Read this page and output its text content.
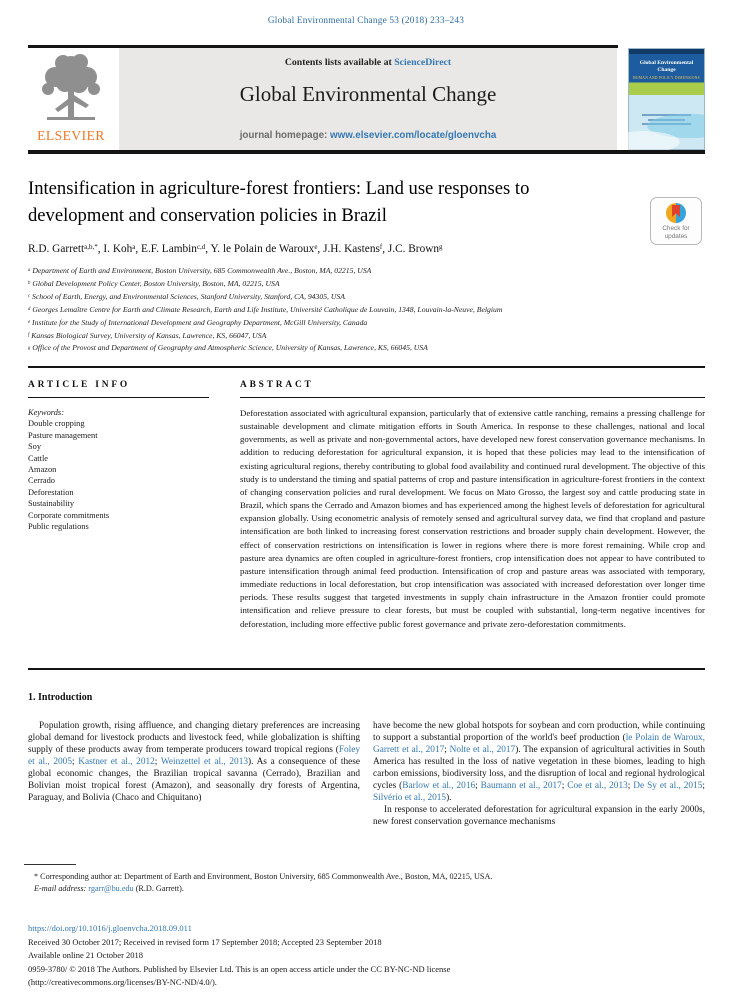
Global Environmental Change 53 (2018) 233–243
ELSEVIER
Contents lists available at ScienceDirect
Global Environmental Change
journal homepage: www.elsevier.com/locate/gloenvcha
Global Environmental Change
HUMAN AND POLICY DIMENSIONS
Intensification in agriculture-forest frontiers: Land use responses to development and conservation policies in Brazil
R.D. Garrett$^{a,b,*}$, I. Koh$^a$, E.F. Lambin$^{c,d}$, Y. le Polain de Waroux$^e$, J.H. Kastens$^f$, J.C. Brown$^g$
$^a$ Department of Earth and Environment, Boston University, 685 Commonwealth Ave., Boston, MA, 02215, USA
$^b$ Global Development Policy Center, Boston University, Boston, MA, 02215, USA
$^c$ School of Earth, Energy, and Environmental Sciences, Stanford University, Stanford, CA, 94305, USA
$^d$ Georges Lemaître Centre for Earth and Climate Research, Earth and Life Institute, Université Catholique de Louvain, 1348, Louvain-la-Neuve, Belgium
$^e$ Institute for the Study of International Development and Geography Department, McGill University, Canada
$^f$ Kansas Biological Survey, University of Kansas, Lawrence, KS, 66047, USA
$^g$ Office of the Provost and Department of Geography and Atmospheric Science, University of Kansas, Lawrence, KS, 66045, USA
Check for
updates
ARTICLE INFO
Keywords:
Double cropping
Pasture management
Soy
Cattle
Amazon
Cerrado
Deforestation
Sustainability
Corporate commitments
Public regulations
ABSTRACT
Deforestation associated with agricultural expansion, particularly that of extensive cattle ranching, remains a pressing challenge for sustainable development and climate mitigation efforts in South America. In response to these challenges, national and local governments, as well as private and non-governmental actors, have developed new forest conservation governance mechanisms. In addition to reducing deforestation for agricultural expansion, it is hoped that these policies may lead to the intensification of existing agricultural regions, thereby contributing to global food availability and continued rural development. The objective of this study is to understand the timing and spatial patterns of crop and pasture intensification in agriculture-forest frontiers in the context of changing conservation policies and rural development. We focus on Mato Grosso, the largest soy and cattle producing state in Brazil, which spans the Cerrado and Amazon biomes and has experienced among the highest levels of deforestation for agricultural expansion globally. Using econometric analysis of remotely sensed and agricultural survey data, we find that cropland and pasture intensification are both linked to increasing forest conservation restrictions and broader supply chain development. However, the effect of conservation restrictions on intensification is lower in regions where there is more forest remaining. While crop and pasture area dynamics are often coupled in agriculture-forest frontiers, crop intensification does not appear to have contributed to pasture intensification through animal feed production. Intensification of crop and pasture areas was associated with temporary, immediate reductions in local deforestation, but crop intensification was associated with increased deforestation over longer time periods. These results suggest that targeted investments in supply chain infrastructure in the Amazon frontier could promote intensification and relieve pressure to clear forests, but must be coupled with substantial, long-term negative incentives for deforestation, including more effective public forest governance and private zero-deforestation commitments.
1. Introduction

Population growth, rising affluence, and changing dietary preferences are increasing global demand for livestock products and livestock feed, while globalization is shifting supply of these products away from temperate producers toward tropical regions (Foley et al., 2005; Kastner et al., 2012; Weinzettel et al., 2013). As a consequence of these global economic changes, the Brazilian tropical savanna (Cerrado), Brazilian and Bolivian moist tropical forest (Amazon), and seasonally dry forests of Argentina, Paraguay, and Bolivia (Chaco and Chiquitano)

have become the new global hotspots for soybean and corn production, while continuing to support a substantial proportion of the world's beef production (le Polain de Waroux, Garrett et al., 2017; Nolte et al., 2017). The expansion of agricultural activities in South America has resulted in the loss of native vegetation in these biomes, leading to high carbon emissions, biodiversity loss, and the disruption of local and regional hydrological cycles (Barlow et al., 2016; Baumann et al., 2017; Coe et al., 2013; De Sy et al., 2015; Silvério et al., 2015).

In response to accelerated deforestation for agricultural expansion in the early 2000s, new forest conservation governance mechanisms

* Corresponding author at: Department of Earth and Environment, Boston University, 685 Commonwealth Ave., Boston, MA, 02215, USA.
E-mail address: rgarr@bu.edu (R.D. Garrett).
https://doi.org/10.1016/j.gloenvcha.2018.09.011
Received 30 October 2017; Received in revised form 17 September 2018; Accepted 23 September 2018
Available online 21 October 2018
0959-3780/ © 2018 The Authors. Published by Elsevier Ltd. This is an open access article under the CC BY-NC-ND license
(http://creativecommons.org/licenses/BY-NC-ND/4.0/).
